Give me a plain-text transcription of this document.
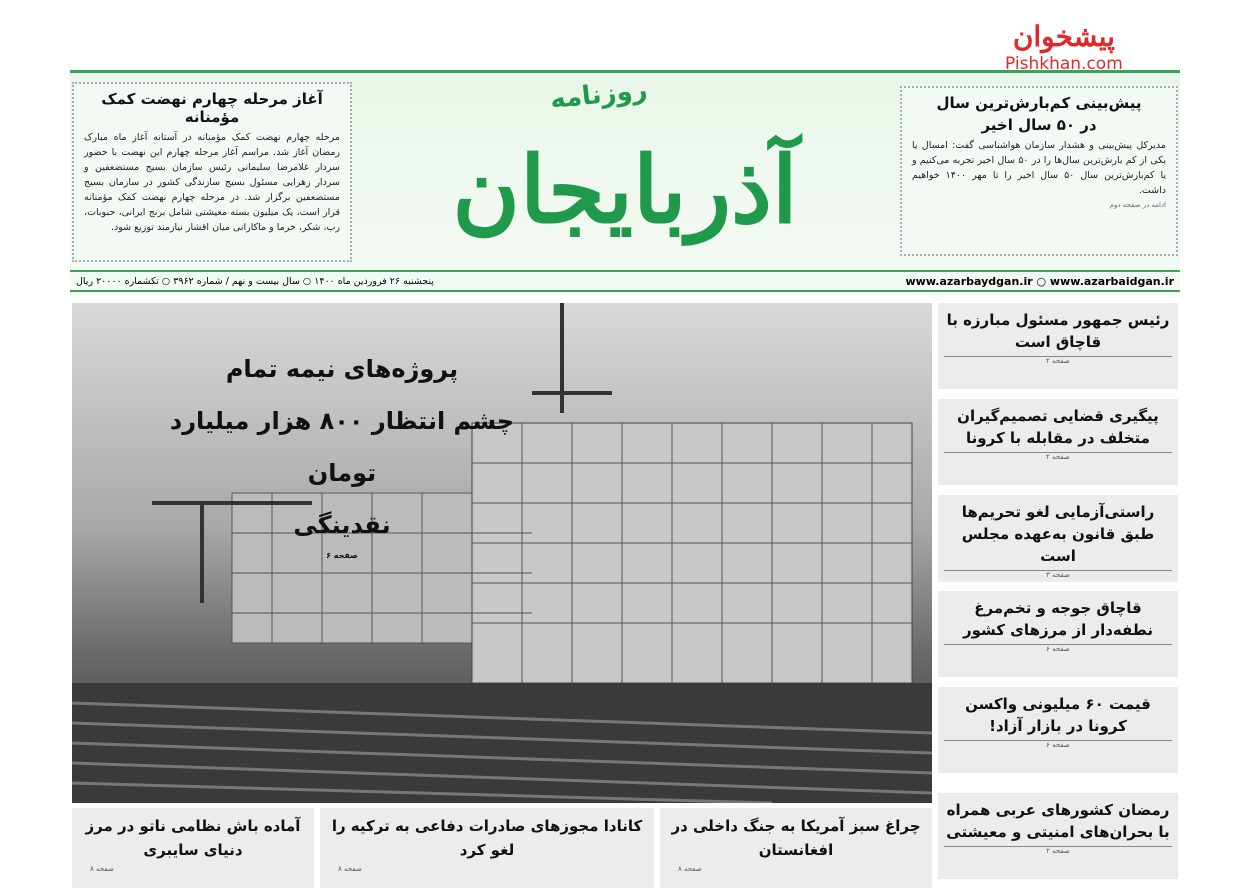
پیشخوان
Pishkhan.com
آغاز مرحله چهارم نهضت کمک مؤمنانه

مرحله چهارم نهضت کمک مؤمنانه در آستانه آغاز ماه مبارک رمضان آغاز شد. مراسم آغاز مرحله چهارم این نهضت با حضور سردار غلامرضا سلیمانی رئیس سازمان بسیج مستضعفین و سردار زهرایی مسئول بسیج سازندگی کشور در سازمان بسیج مستضعفین برگزار شد. در مرحله چهارم نهضت کمک مؤمنانه قرار است، یک میلیون بسته معیشتی شامل برنج ایرانی، حبوبات، رب، شکر، خرما و ماکارانی میان اقشار نیازمند توزیع شود.

روزنامه
آذربایجان
پیش‌بینی کم‌بارش‌ترین سال
در ۵۰ سال اخیر

مدیرکل پیش‌بینی و هشدار سازمان هواشناسی گفت: امسال یا یکی از کم بارش‌ترین سال‌ها را در ۵۰ سال اخیر تجربه می‌کنیم و یا کم‌بارش‌ترین سال ۵۰ سال اخیر را تا مهر ۱۴۰۰ خواهیم داشت.

ادامه در صفحه دوم

www.azarbaydgan.ir ○ www.azarbaidgan.ir
پنجشنبه ۲۶ فروردین ماه ۱۴۰۰ ○ سال بیست و نهم / شماره ۳۹۶۲ ○ تکشماره ۲۰۰۰۰ ریال
پروژه‌های نیمه تمام
چشم انتظار ۸۰۰ هزار میلیارد تومان
نقدینگی
صفحه ۶
رئیس جمهور مسئول مبارزه با قاچاق است
صفحه ۲
پیگیری قضایی تصمیم‌گیران متخلف در مقابله با کرونا
صفحه ۲
راستی‌آزمایی لغو تحریم‌ها طبق قانون به‌عهده مجلس است
صفحه ۳
قاچاق جوجه و تخم‌مرغ نطفه‌دار از مرزهای کشور
صفحه ۶
قیمت ۶۰ میلیونی واکسن کرونا در بازار آزاد!
صفحه ۶
رمضان کشورهای عربی همراه با بحران‌های امنیتی و معیشتی
صفحه ۲
چراغ سبز آمریکا به جنگ داخلی در افغانستان
صفحه ۸
کانادا مجوزهای صادرات دفاعی به ترکیه را لغو کرد
صفحه ۸
آماده باش نظامی ناتو در مرز دنیای سایبری
صفحه ۸
